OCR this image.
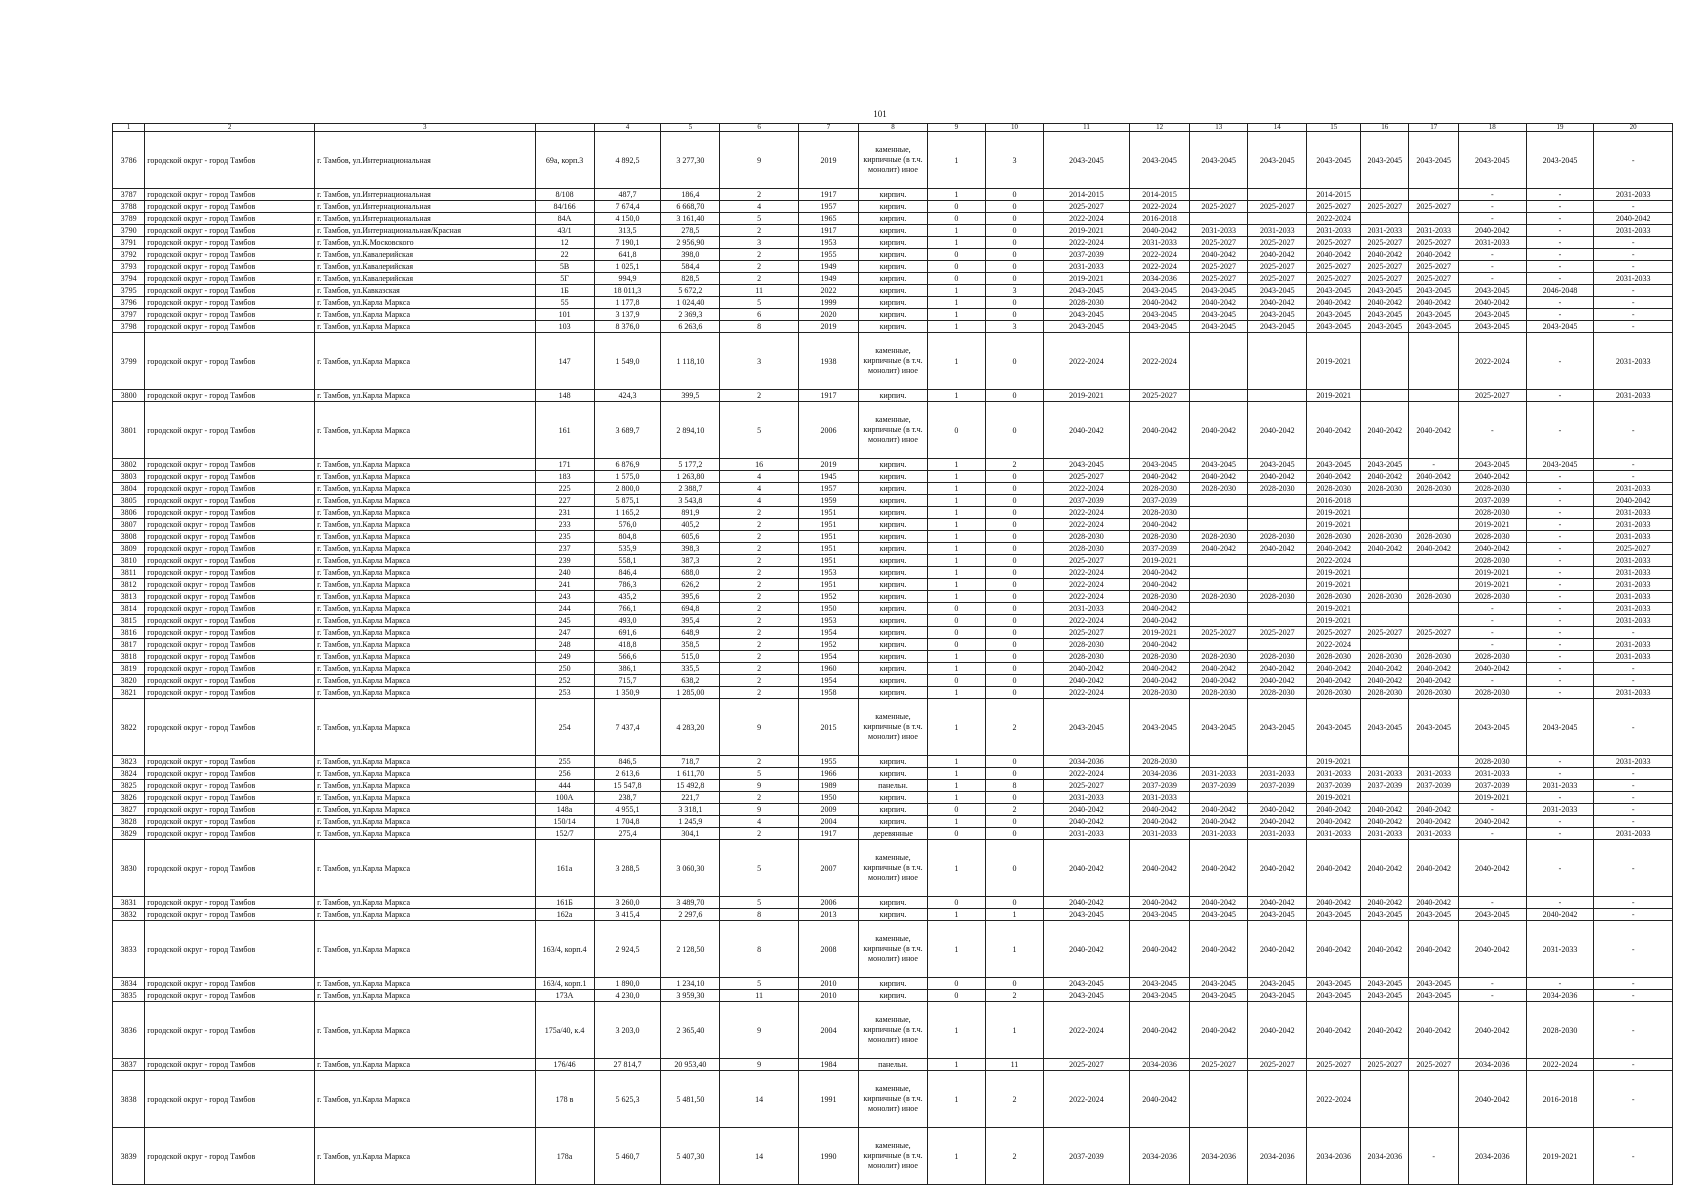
101
1	2	3		4	5	6	7	8	9	10	11	12	13	14	15	16	17	18	19	20
3786	городской округ - город Тамбов	г. Тамбов, ул.Интернациональная	69а, корп.3	4 892,5	3 277,30	9	2019	каменные, кирпичные (в т.ч. монолит) иное	1	3	2043-2045	2043-2045	2043-2045	2043-2045	2043-2045	2043-2045	2043-2045	2043-2045	2043-2045	-
3787	городской округ - город Тамбов	г. Тамбов, ул.Интернациональная	8/108	487,7	186,4	2	1917	кирпич.	1	0	2014-2015	2014-2015			2014-2015			-	-	2031-2033
3788	городской округ - город Тамбов	г. Тамбов, ул.Интернациональная	84/166	7 674,4	6 668,70	4	1957	кирпич.	0	0	2025-2027	2022-2024	2025-2027	2025-2027	2025-2027	2025-2027	2025-2027	-	-	-
3789	городской округ - город Тамбов	г. Тамбов, ул.Интернациональная	84А	4 150,0	3 161,40	5	1965	кирпич.	0	0	2022-2024	2016-2018			2022-2024			-	-	2040-2042
3790	городской округ - город Тамбов	г. Тамбов, ул.Интернациональная/Красная	43/1	313,5	278,5	2	1917	кирпич.	1	0	2019-2021	2040-2042	2031-2033	2031-2033	2031-2033	2031-2033	2031-2033	2040-2042	-	2031-2033
3791	городской округ - город Тамбов	г. Тамбов, ул.К.Московского	12	7 190,1	2 956,90	3	1953	кирпич.	1	0	2022-2024	2031-2033	2025-2027	2025-2027	2025-2027	2025-2027	2025-2027	2031-2033	-	-
3792	городской округ - город Тамбов	г. Тамбов, ул.Кавалерийская	22	641,8	398,0	2	1955	кирпич.	0	0	2037-2039	2022-2024	2040-2042	2040-2042	2040-2042	2040-2042	2040-2042	-	-	-
3793	городской округ - город Тамбов	г. Тамбов, ул.Кавалерийская	5В	1 025,1	584,4	2	1949	кирпич.	0	0	2031-2033	2022-2024	2025-2027	2025-2027	2025-2027	2025-2027	2025-2027	-	-	-
3794	городской округ - город Тамбов	г. Тамбов, ул.Кавалерийская	5Г	994,9	828,5	2	1949	кирпич.	0	0	2019-2021	2034-2036	2025-2027	2025-2027	2025-2027	2025-2027	2025-2027	-	-	2031-2033
3795	городской округ - город Тамбов	г. Тамбов, ул.Кавказская	1Б	18 011,3	5 672,2	11	2022	кирпич.	1	3	2043-2045	2043-2045	2043-2045	2043-2045	2043-2045	2043-2045	2043-2045	2043-2045	2046-2048	-
3796	городской округ - город Тамбов	г. Тамбов, ул.Карла Маркса	55	1 177,8	1 024,40	5	1999	кирпич.	1	0	2028-2030	2040-2042	2040-2042	2040-2042	2040-2042	2040-2042	2040-2042	2040-2042	-	-
3797	городской округ - город Тамбов	г. Тамбов, ул.Карла Маркса	101	3 137,9	2 369,3	6	2020	кирпич.	1	0	2043-2045	2043-2045	2043-2045	2043-2045	2043-2045	2043-2045	2043-2045	2043-2045	-	-
3798	городской округ - город Тамбов	г. Тамбов, ул.Карла Маркса	103	8 376,0	6 263,6	8	2019	кирпич.	1	3	2043-2045	2043-2045	2043-2045	2043-2045	2043-2045	2043-2045	2043-2045	2043-2045	2043-2045	-
3799	городской округ - город Тамбов	г. Тамбов, ул.Карла Маркса	147	1 549,0	1 118,10	3	1938	каменные, кирпичные (в т.ч. монолит) иное	1	0	2022-2024	2022-2024			2019-2021			2022-2024	-	2031-2033
3800	городской округ - город Тамбов	г. Тамбов, ул.Карла Маркса	148	424,3	399,5	2	1917	кирпич.	1	0	2019-2021	2025-2027			2019-2021			2025-2027	-	2031-2033
3801	городской округ - город Тамбов	г. Тамбов, ул.Карла Маркса	161	3 689,7	2 894,10	5	2006	каменные, кирпичные (в т.ч. монолит) иное	0	0	2040-2042	2040-2042	2040-2042	2040-2042	2040-2042	2040-2042	2040-2042	-	-	-
3802	городской округ - город Тамбов	г. Тамбов, ул.Карла Маркса	171	6 876,9	5 177,2	16	2019	кирпич.	1	2	2043-2045	2043-2045	2043-2045	2043-2045	2043-2045	2043-2045	-	2043-2045	2043-2045	-
3803	городской округ - город Тамбов	г. Тамбов, ул.Карла Маркса	183	1 575,0	1 263,80	4	1945	кирпич.	1	0	2025-2027	2040-2042	2040-2042	2040-2042	2040-2042	2040-2042	2040-2042	2040-2042	-	-
3804	городской округ - город Тамбов	г. Тамбов, ул.Карла Маркса	225	2 800,0	2 388,7	4	1957	кирпич.	1	0	2022-2024	2028-2030	2028-2030	2028-2030	2028-2030	2028-2030	2028-2030	2028-2030	-	2031-2033
3805	городской округ - город Тамбов	г. Тамбов, ул.Карла Маркса	227	5 875,1	3 543,8	4	1959	кирпич.	1	0	2037-2039	2037-2039			2016-2018			2037-2039	-	2040-2042
3806	городской округ - город Тамбов	г. Тамбов, ул.Карла Маркса	231	1 165,2	891,9	2	1951	кирпич.	1	0	2022-2024	2028-2030			2019-2021			2028-2030	-	2031-2033
3807	городской округ - город Тамбов	г. Тамбов, ул.Карла Маркса	233	576,0	405,2	2	1951	кирпич.	1	0	2022-2024	2040-2042			2019-2021			2019-2021	-	2031-2033
3808	городской округ - город Тамбов	г. Тамбов, ул.Карла Маркса	235	804,8	605,6	2	1951	кирпич.	1	0	2028-2030	2028-2030	2028-2030	2028-2030	2028-2030	2028-2030	2028-2030	2028-2030	-	2031-2033
3809	городской округ - город Тамбов	г. Тамбов, ул.Карла Маркса	237	535,9	398,3	2	1951	кирпич.	1	0	2028-2030	2037-2039	2040-2042	2040-2042	2040-2042	2040-2042	2040-2042	2040-2042	-	2025-2027
3810	городской округ - город Тамбов	г. Тамбов, ул.Карла Маркса	239	558,1	387,3	2	1951	кирпич.	1	0	2025-2027	2019-2021			2022-2024			2028-2030	-	2031-2033
3811	городской округ - город Тамбов	г. Тамбов, ул.Карла Маркса	240	846,4	688,0	2	1953	кирпич.	1	0	2022-2024	2040-2042			2019-2021			2019-2021	-	2031-2033
3812	городской округ - город Тамбов	г. Тамбов, ул.Карла Маркса	241	786,3	626,2	2	1951	кирпич.	1	0	2022-2024	2040-2042			2019-2021			2019-2021	-	2031-2033
3813	городской округ - город Тамбов	г. Тамбов, ул.Карла Маркса	243	435,2	395,6	2	1952	кирпич.	1	0	2022-2024	2028-2030	2028-2030	2028-2030	2028-2030	2028-2030	2028-2030	2028-2030	-	2031-2033
3814	городской округ - город Тамбов	г. Тамбов, ул.Карла Маркса	244	766,1	694,8	2	1950	кирпич.	0	0	2031-2033	2040-2042			2019-2021			-	-	2031-2033
3815	городской округ - город Тамбов	г. Тамбов, ул.Карла Маркса	245	493,0	395,4	2	1953	кирпич.	0	0	2022-2024	2040-2042			2019-2021			-	-	2031-2033
3816	городской округ - город Тамбов	г. Тамбов, ул.Карла Маркса	247	691,6	648,9	2	1954	кирпич.	0	0	2025-2027	2019-2021	2025-2027	2025-2027	2025-2027	2025-2027	2025-2027	-	-	-
3817	городской округ - город Тамбов	г. Тамбов, ул.Карла Маркса	248	418,8	358,5	2	1952	кирпич.	0	0	2028-2030	2040-2042			2022-2024			-	-	2031-2033
3818	городской округ - город Тамбов	г. Тамбов, ул.Карла Маркса	249	566,6	515,0	2	1954	кирпич.	1	0	2028-2030	2028-2030	2028-2030	2028-2030	2028-2030	2028-2030	2028-2030	2028-2030	-	2031-2033
3819	городской округ - город Тамбов	г. Тамбов, ул.Карла Маркса	250	386,1	335,5	2	1960	кирпич.	1	0	2040-2042	2040-2042	2040-2042	2040-2042	2040-2042	2040-2042	2040-2042	2040-2042	-	-
3820	городской округ - город Тамбов	г. Тамбов, ул.Карла Маркса	252	715,7	638,2	2	1954	кирпич.	0	0	2040-2042	2040-2042	2040-2042	2040-2042	2040-2042	2040-2042	2040-2042	-	-	-
3821	городской округ - город Тамбов	г. Тамбов, ул.Карла Маркса	253	1 350,9	1 285,00	2	1958	кирпич.	1	0	2022-2024	2028-2030	2028-2030	2028-2030	2028-2030	2028-2030	2028-2030	2028-2030	-	2031-2033
3822	городской округ - город Тамбов	г. Тамбов, ул.Карла Маркса	254	7 437,4	4 283,20	9	2015	каменные, кирпичные (в т.ч. монолит) иное	1	2	2043-2045	2043-2045	2043-2045	2043-2045	2043-2045	2043-2045	2043-2045	2043-2045	2043-2045	-
3823	городской округ - город Тамбов	г. Тамбов, ул.Карла Маркса	255	846,5	718,7	2	1955	кирпич.	1	0	2034-2036	2028-2030			2019-2021			2028-2030	-	2031-2033
3824	городской округ - город Тамбов	г. Тамбов, ул.Карла Маркса	256	2 613,6	1 611,70	5	1966	кирпич.	1	0	2022-2024	2034-2036	2031-2033	2031-2033	2031-2033	2031-2033	2031-2033	2031-2033	-	-
3825	городской округ - город Тамбов	г. Тамбов, ул.Карла Маркса	444	15 547,8	15 492,8	9	1989	панельн.	1	8	2025-2027	2037-2039	2037-2039	2037-2039	2037-2039	2037-2039	2037-2039	2037-2039	2031-2033	-
3826	городской округ - город Тамбов	г. Тамбов, ул.Карла Маркса	100А	238,7	221,7	2	1950	кирпич.	1	0	2031-2033	2031-2033			2019-2021			2019-2021	-	-
3827	городской округ - город Тамбов	г. Тамбов, ул.Карла Маркса	148а	4 955,1	3 318,1	9	2009	кирпич.	0	2	2040-2042	2040-2042	2040-2042	2040-2042	2040-2042	2040-2042	2040-2042	-	2031-2033	-
3828	городской округ - город Тамбов	г. Тамбов, ул.Карла Маркса	150/14	1 704,8	1 245,9	4	2004	кирпич.	1	0	2040-2042	2040-2042	2040-2042	2040-2042	2040-2042	2040-2042	2040-2042	2040-2042	-	-
3829	городской округ - город Тамбов	г. Тамбов, ул.Карла Маркса	152/7	275,4	304,1	2	1917	деревянные	0	0	2031-2033	2031-2033	2031-2033	2031-2033	2031-2033	2031-2033	2031-2033	-	-	2031-2033
3830	городской округ - город Тамбов	г. Тамбов, ул.Карла Маркса	161а	3 288,5	3 060,30	5	2007	каменные, кирпичные (в т.ч. монолит) иное	1	0	2040-2042	2040-2042	2040-2042	2040-2042	2040-2042	2040-2042	2040-2042	2040-2042	-	-
3831	городской округ - город Тамбов	г. Тамбов, ул.Карла Маркса	161Б	3 260,0	3 489,70	5	2006	кирпич.	0	0	2040-2042	2040-2042	2040-2042	2040-2042	2040-2042	2040-2042	2040-2042	-	-	-
3832	городской округ - город Тамбов	г. Тамбов, ул.Карла Маркса	162а	3 415,4	2 297,6	8	2013	кирпич.	1	1	2043-2045	2043-2045	2043-2045	2043-2045	2043-2045	2043-2045	2043-2045	2043-2045	2040-2042	-
3833	городской округ - город Тамбов	г. Тамбов, ул.Карла Маркса	163/4, корп.4	2 924,5	2 128,50	8	2008	каменные, кирпичные (в т.ч. монолит) иное	1	1	2040-2042	2040-2042	2040-2042	2040-2042	2040-2042	2040-2042	2040-2042	2040-2042	2031-2033	-
3834	городской округ - город Тамбов	г. Тамбов, ул.Карла Маркса	163/4, корп.1	1 890,0	1 234,10	5	2010	кирпич.	0	0	2043-2045	2043-2045	2043-2045	2043-2045	2043-2045	2043-2045	2043-2045	-	-	-
3835	городской округ - город Тамбов	г. Тамбов, ул.Карла Маркса	173А	4 230,0	3 959,30	11	2010	кирпич.	0	2	2043-2045	2043-2045	2043-2045	2043-2045	2043-2045	2043-2045	2043-2045	-	2034-2036	-
3836	городской округ - город Тамбов	г. Тамбов, ул.Карла Маркса	175а/40, к.4	3 203,0	2 365,40	9	2004	каменные, кирпичные (в т.ч. монолит) иное	1	1	2022-2024	2040-2042	2040-2042	2040-2042	2040-2042	2040-2042	2040-2042	2040-2042	2028-2030	-
3837	городской округ - город Тамбов	г. Тамбов, ул.Карла Маркса	176/46	27 814,7	20 953,40	9	1984	панельн.	1	11	2025-2027	2034-2036	2025-2027	2025-2027	2025-2027	2025-2027	2025-2027	2034-2036	2022-2024	-
3838	городской округ - город Тамбов	г. Тамбов, ул.Карла Маркса	178 в	5 625,3	5 481,50	14	1991	каменные, кирпичные (в т.ч. монолит) иное	1	2	2022-2024	2040-2042			2022-2024			2040-2042	2016-2018	-
3839	городской округ - город Тамбов	г. Тамбов, ул.Карла Маркса	178а	5 460,7	5 407,30	14	1990	каменные, кирпичные (в т.ч. монолит) иное	1	2	2037-2039	2034-2036	2034-2036	2034-2036	2034-2036	2034-2036	-	2034-2036	2019-2021	-
